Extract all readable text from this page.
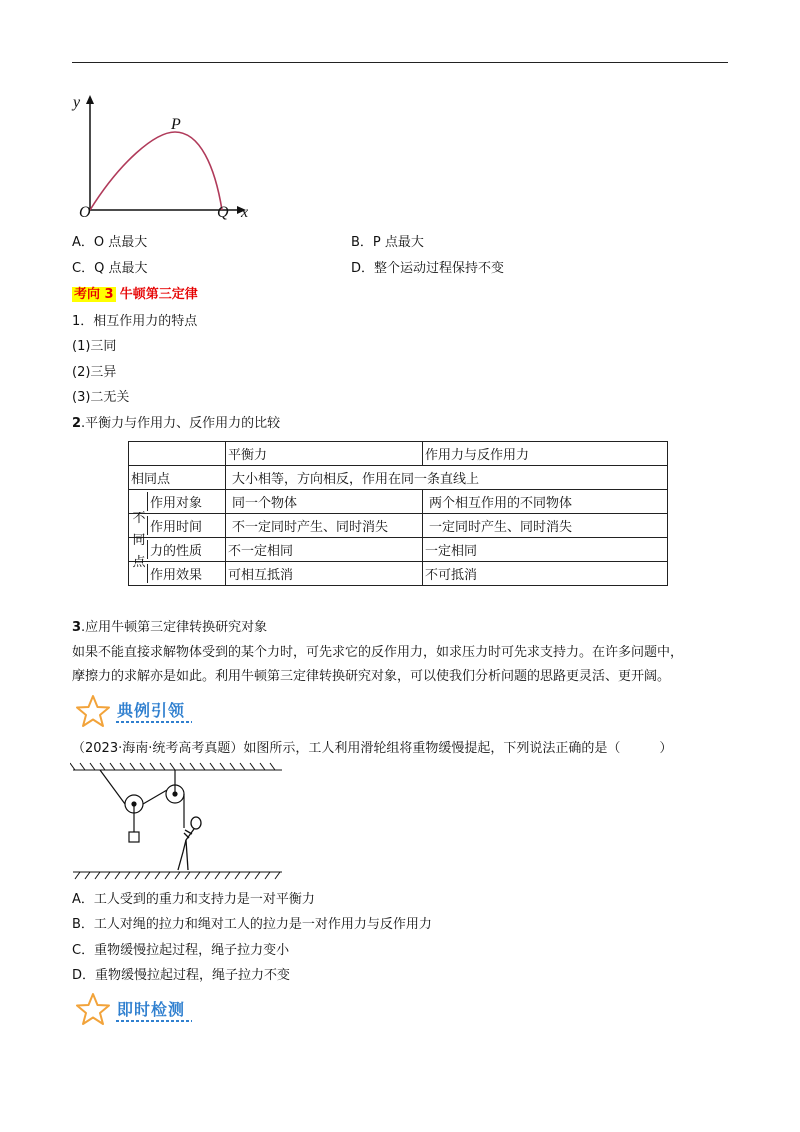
y
x
O
P
Q
A．O 点最大	B．P 点最大
C．Q 点最大	D．整个运动过程保持不变
考向 3 牛顿第三定律
1．相互作用力的特点
(1)三同
(2)三异
(3)二无关
2.平衡力与作用力、反作用力的比较
	平衡力	作用力与反作用力
相同点	大小相等，方向相反，作用在同一条直线上	

作用对象	同一个物体	两个相互作用的不同物体

作用时间	不一定同时产生、同时消失	一定同时产生、同时消失

力的性质	不一定相同	一定相同

作用效果	可相互抵消	不可抵消
不同点
3.应用牛顿第三定律转换研究对象
如果不能直接求解物体受到的某个力时，可先求它的反作用力，如求压力时可先求支持力。在许多问题中，
摩擦力的求解亦是如此。利用牛顿第三定律转换研究对象，可以使我们分析问题的思路更灵活、更开阔。
典例引领
（2023·海南·统考高考真题）如图所示，工人利用滑轮组将重物缓慢提起，下列说法正确的是（　　　）
A．工人受到的重力和支持力是一对平衡力
B．工人对绳的拉力和绳对工人的拉力是一对作用力与反作用力
C．重物缓慢拉起过程，绳子拉力变小
D．重物缓慢拉起过程，绳子拉力不变
即时检测
